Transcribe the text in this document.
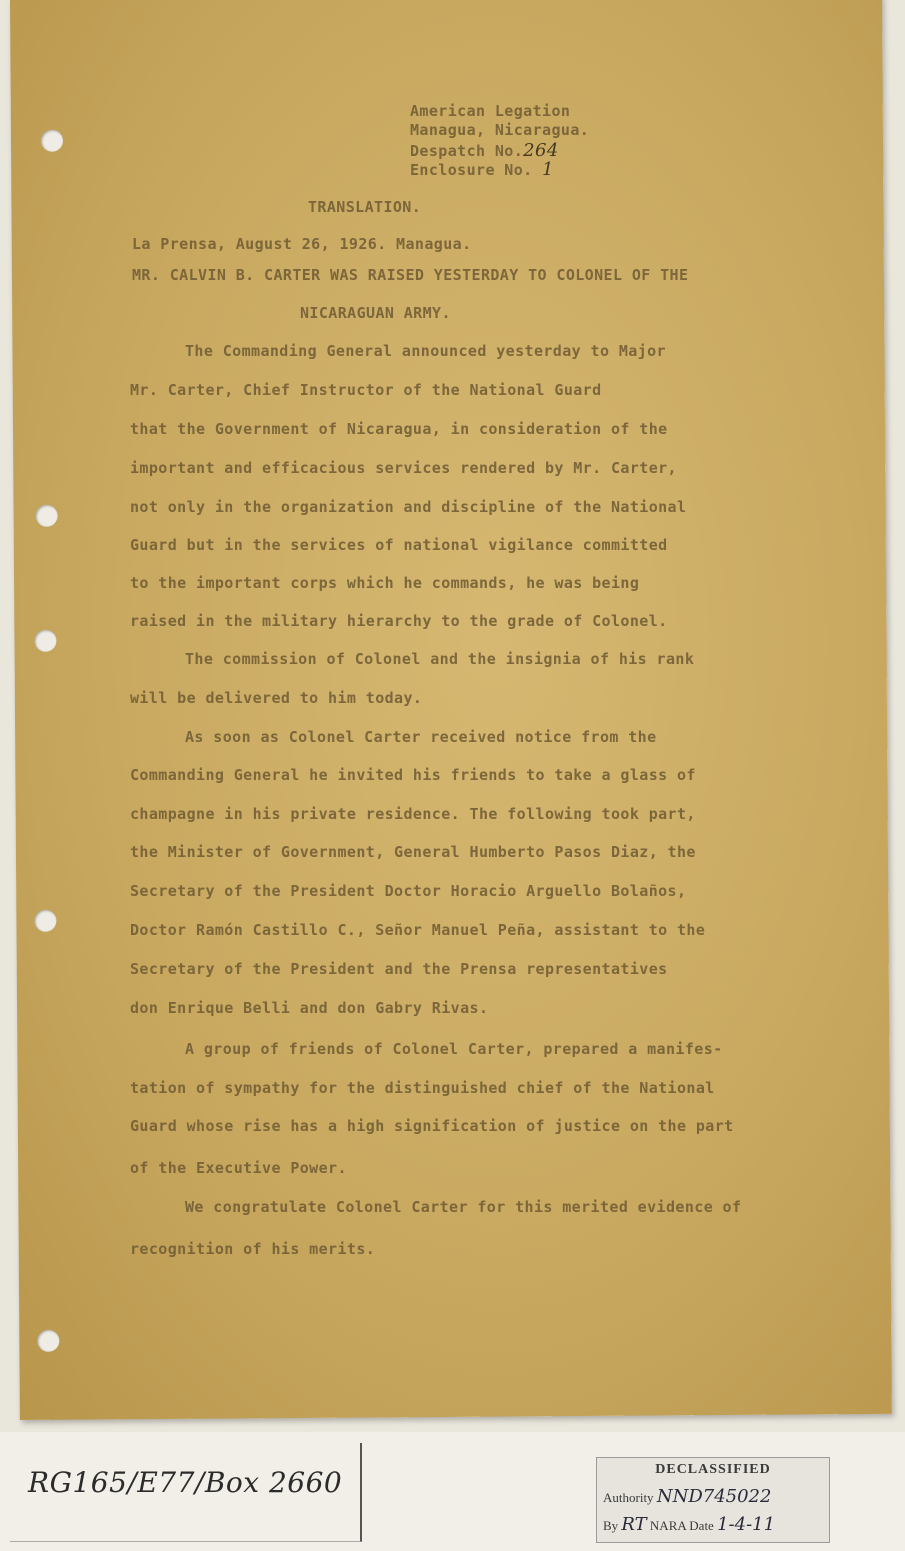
American Legation
Managua, Nicaragua.
Despatch No.264
Enclosure No. 1
TRANSLATION.
La Prensa, August 26, 1926. Managua.
MR. CALVIN B. CARTER WAS RAISED YESTERDAY TO COLONEL OF THE
NICARAGUAN ARMY.
The Commanding General announced yesterday to Major
Mr. Carter, Chief Instructor of the National Guard
that the Government of Nicaragua, in consideration of the
important and efficacious services rendered by Mr. Carter,
not only in the organization and discipline of the National
Guard but in the services of national vigilance committed
to the important corps which he commands, he was being
raised in the military hierarchy to the grade of Colonel.
The commission of Colonel and the insignia of his rank
will be delivered to him today.
As soon as Colonel Carter received notice from the
Commanding General he invited his friends to take a glass of
champagne in his private residence. The following took part,
the Minister of Government, General Humberto Pasos Diaz, the
Secretary of the President Doctor Horacio Arguello Bolaños,
Doctor Ramón Castillo C., Señor Manuel Peña, assistant to the
Secretary of the President and the Prensa representatives
don Enrique Belli and don Gabry Rivas.
A group of friends of Colonel Carter, prepared a manifes-
tation of sympathy for the distinguished chief of the National
Guard whose rise has a high signification of justice on the part
of the Executive Power.
We congratulate Colonel Carter for this merited evidence of
recognition of his merits.
RG165/E77/Box 2660	DECLASSIFIED
Authority NND745022
By RT NARA Date 1-4-11
